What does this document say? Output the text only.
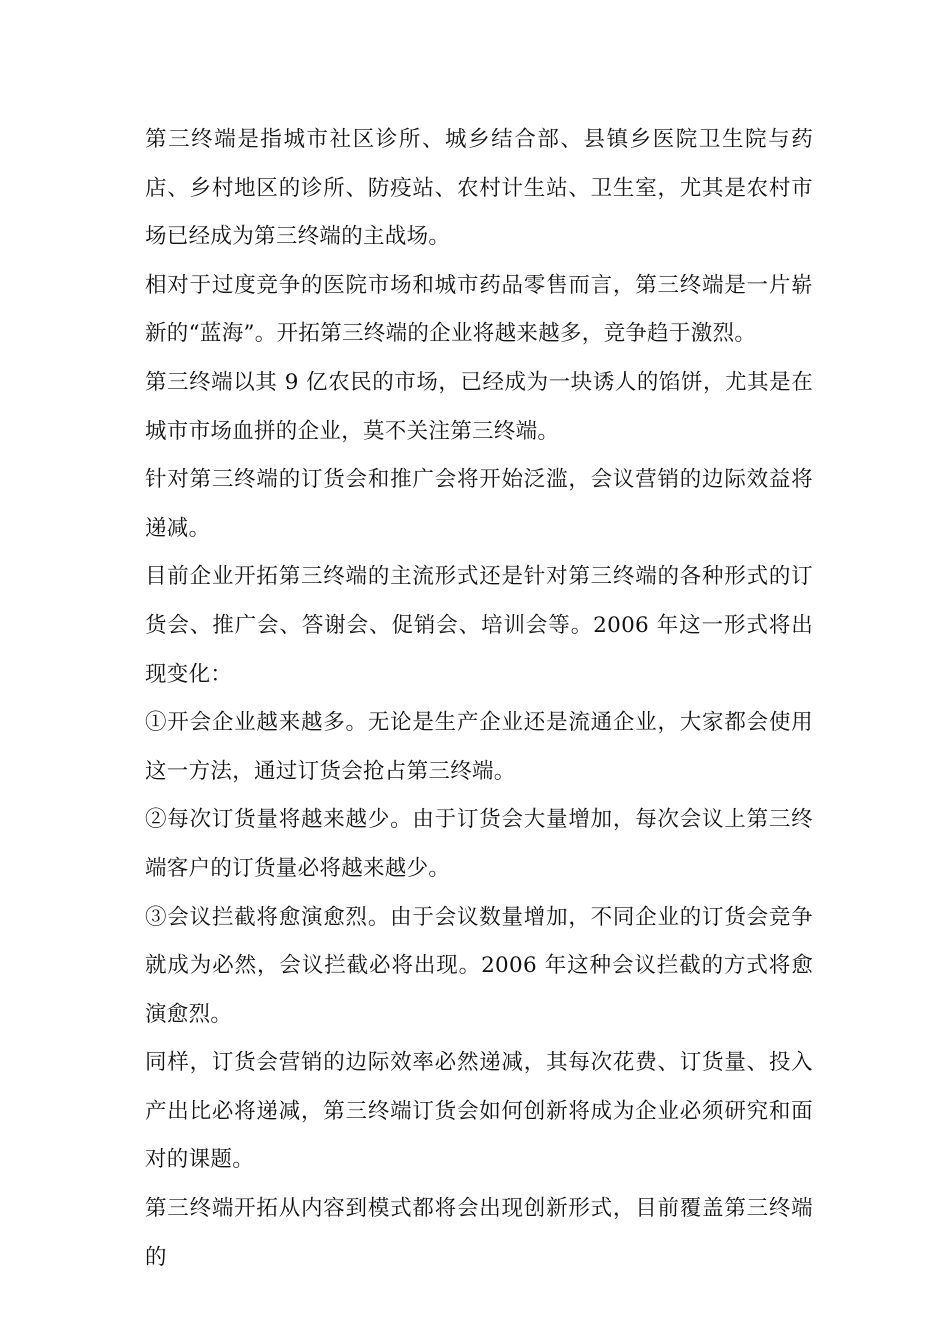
第三终端是指城市社区诊所、城乡结合部、县镇乡医院卫生院与药店、乡村地区的诊所、防疫站、农村计生站、卫生室，尤其是农村市场已经成为第三终端的主战场。

相对于过度竞争的医院市场和城市药品零售而言，第三终端是一片崭新的“蓝海”。开拓第三终端的企业将越来越多，竞争趋于激烈。

第三终端以其 9 亿农民的市场，已经成为一块诱人的馅饼，尤其是在城市市场血拼的企业，莫不关注第三终端。

针对第三终端的订货会和推广会将开始泛滥，会议营销的边际效益将递减。

目前企业开拓第三终端的主流形式还是针对第三终端的各种形式的订货会、推广会、答谢会、促销会、培训会等。2006 年这一形式将出现变化：

①开会企业越来越多。无论是生产企业还是流通企业，大家都会使用这一方法，通过订货会抢占第三终端。

②每次订货量将越来越少。由于订货会大量增加，每次会议上第三终端客户的订货量必将越来越少。

③会议拦截将愈演愈烈。由于会议数量增加，不同企业的订货会竞争就成为必然，会议拦截必将出现。2006 年这种会议拦截的方式将愈演愈烈。

同样，订货会营销的边际效率必然递减，其每次花费、订货量、投入产出比必将递减，第三终端订货会如何创新将成为企业必须研究和面对的课题。

第三终端开拓从内容到模式都将会出现创新形式，目前覆盖第三终端的
